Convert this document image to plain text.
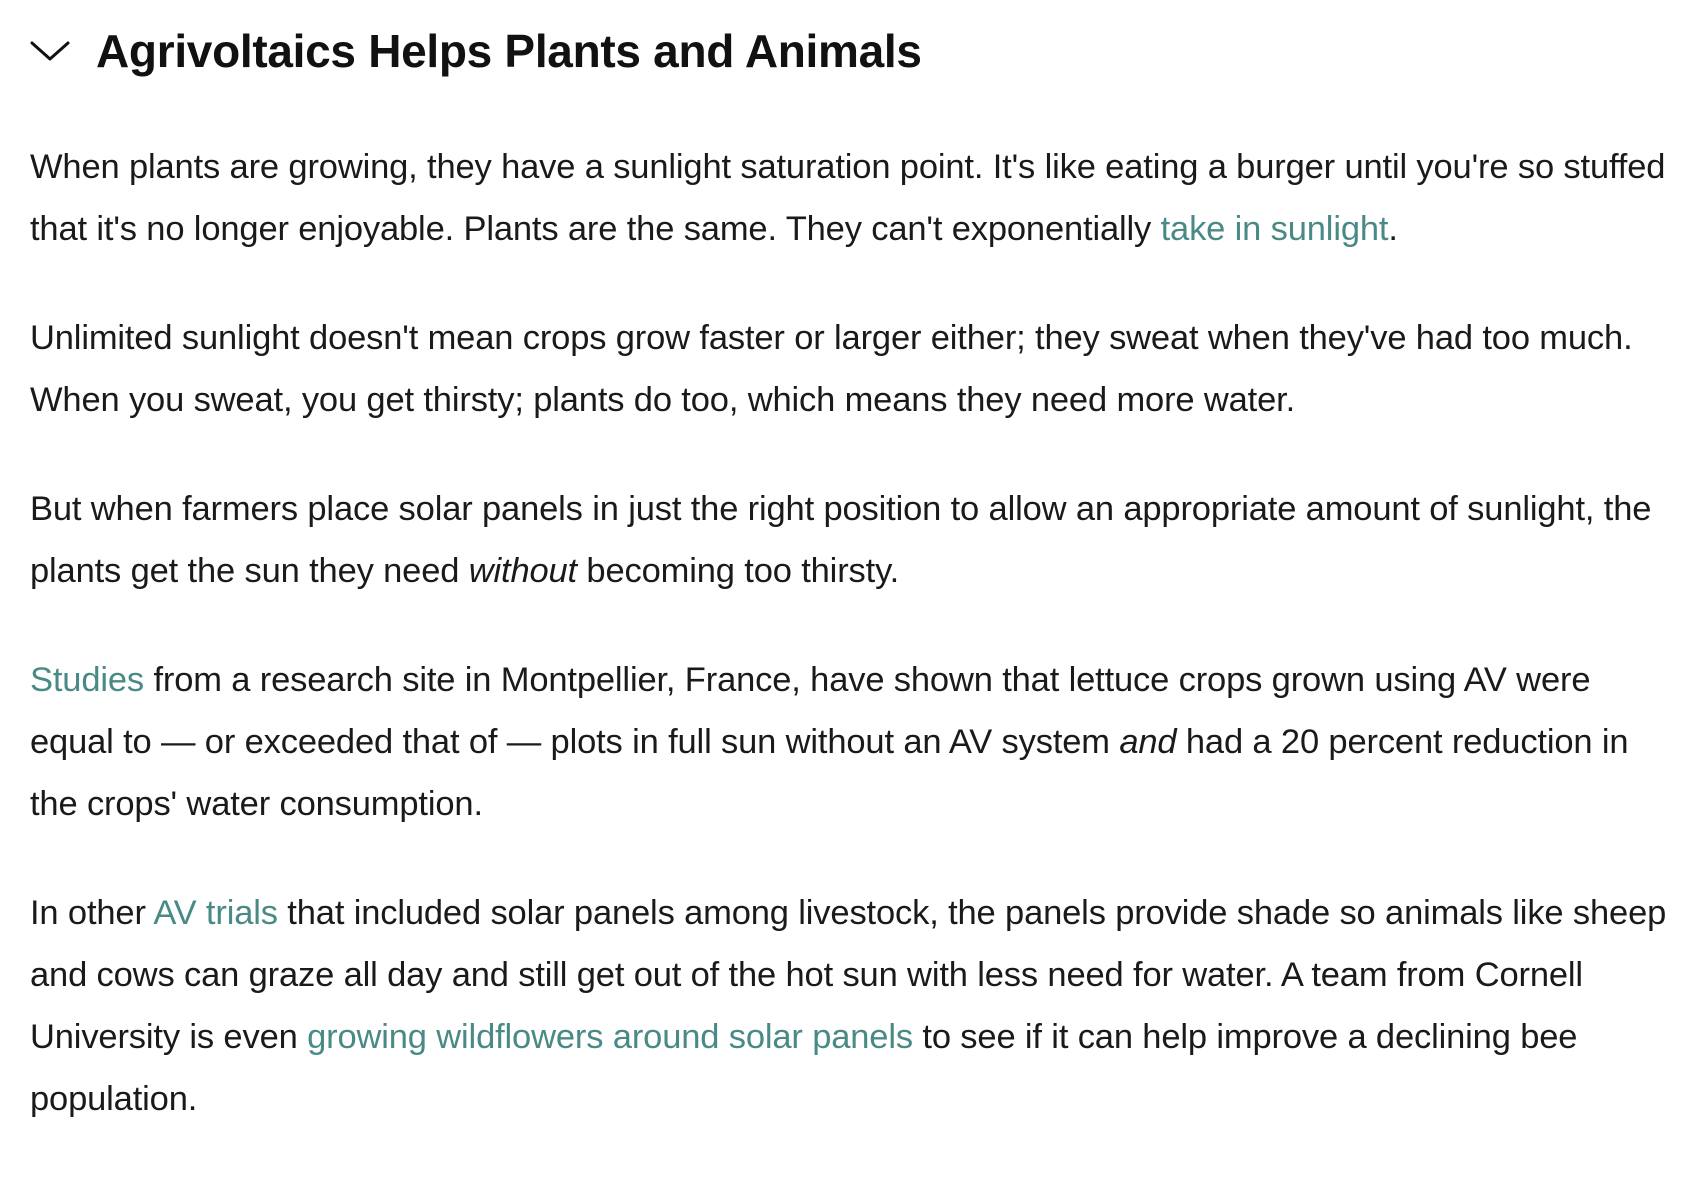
Agrivoltaics Helps Plants and Animals

When plants are growing, they have a sunlight saturation point. It's like eating a burger until you're so stuffed that it's no longer enjoyable. Plants are the same. They can't exponentially take in sunlight.

Unlimited sunlight doesn't mean crops grow faster or larger either; they sweat when they've had too much. When you sweat, you get thirsty; plants do too, which means they need more water.

But when farmers place solar panels in just the right position to allow an appropriate amount of sunlight, the plants get the sun they need without becoming too thirsty.

Studies from a research site in Montpellier, France, have shown that lettuce crops grown using AV were equal to — or exceeded that of — plots in full sun without an AV system and had a 20 percent reduction in the crops' water consumption.

In other AV trials that included solar panels among livestock, the panels provide shade so animals like sheep and cows can graze all day and still get out of the hot sun with less need for water. A team from Cornell University is even growing wildflowers around solar panels to see if it can help improve a declining bee population.
